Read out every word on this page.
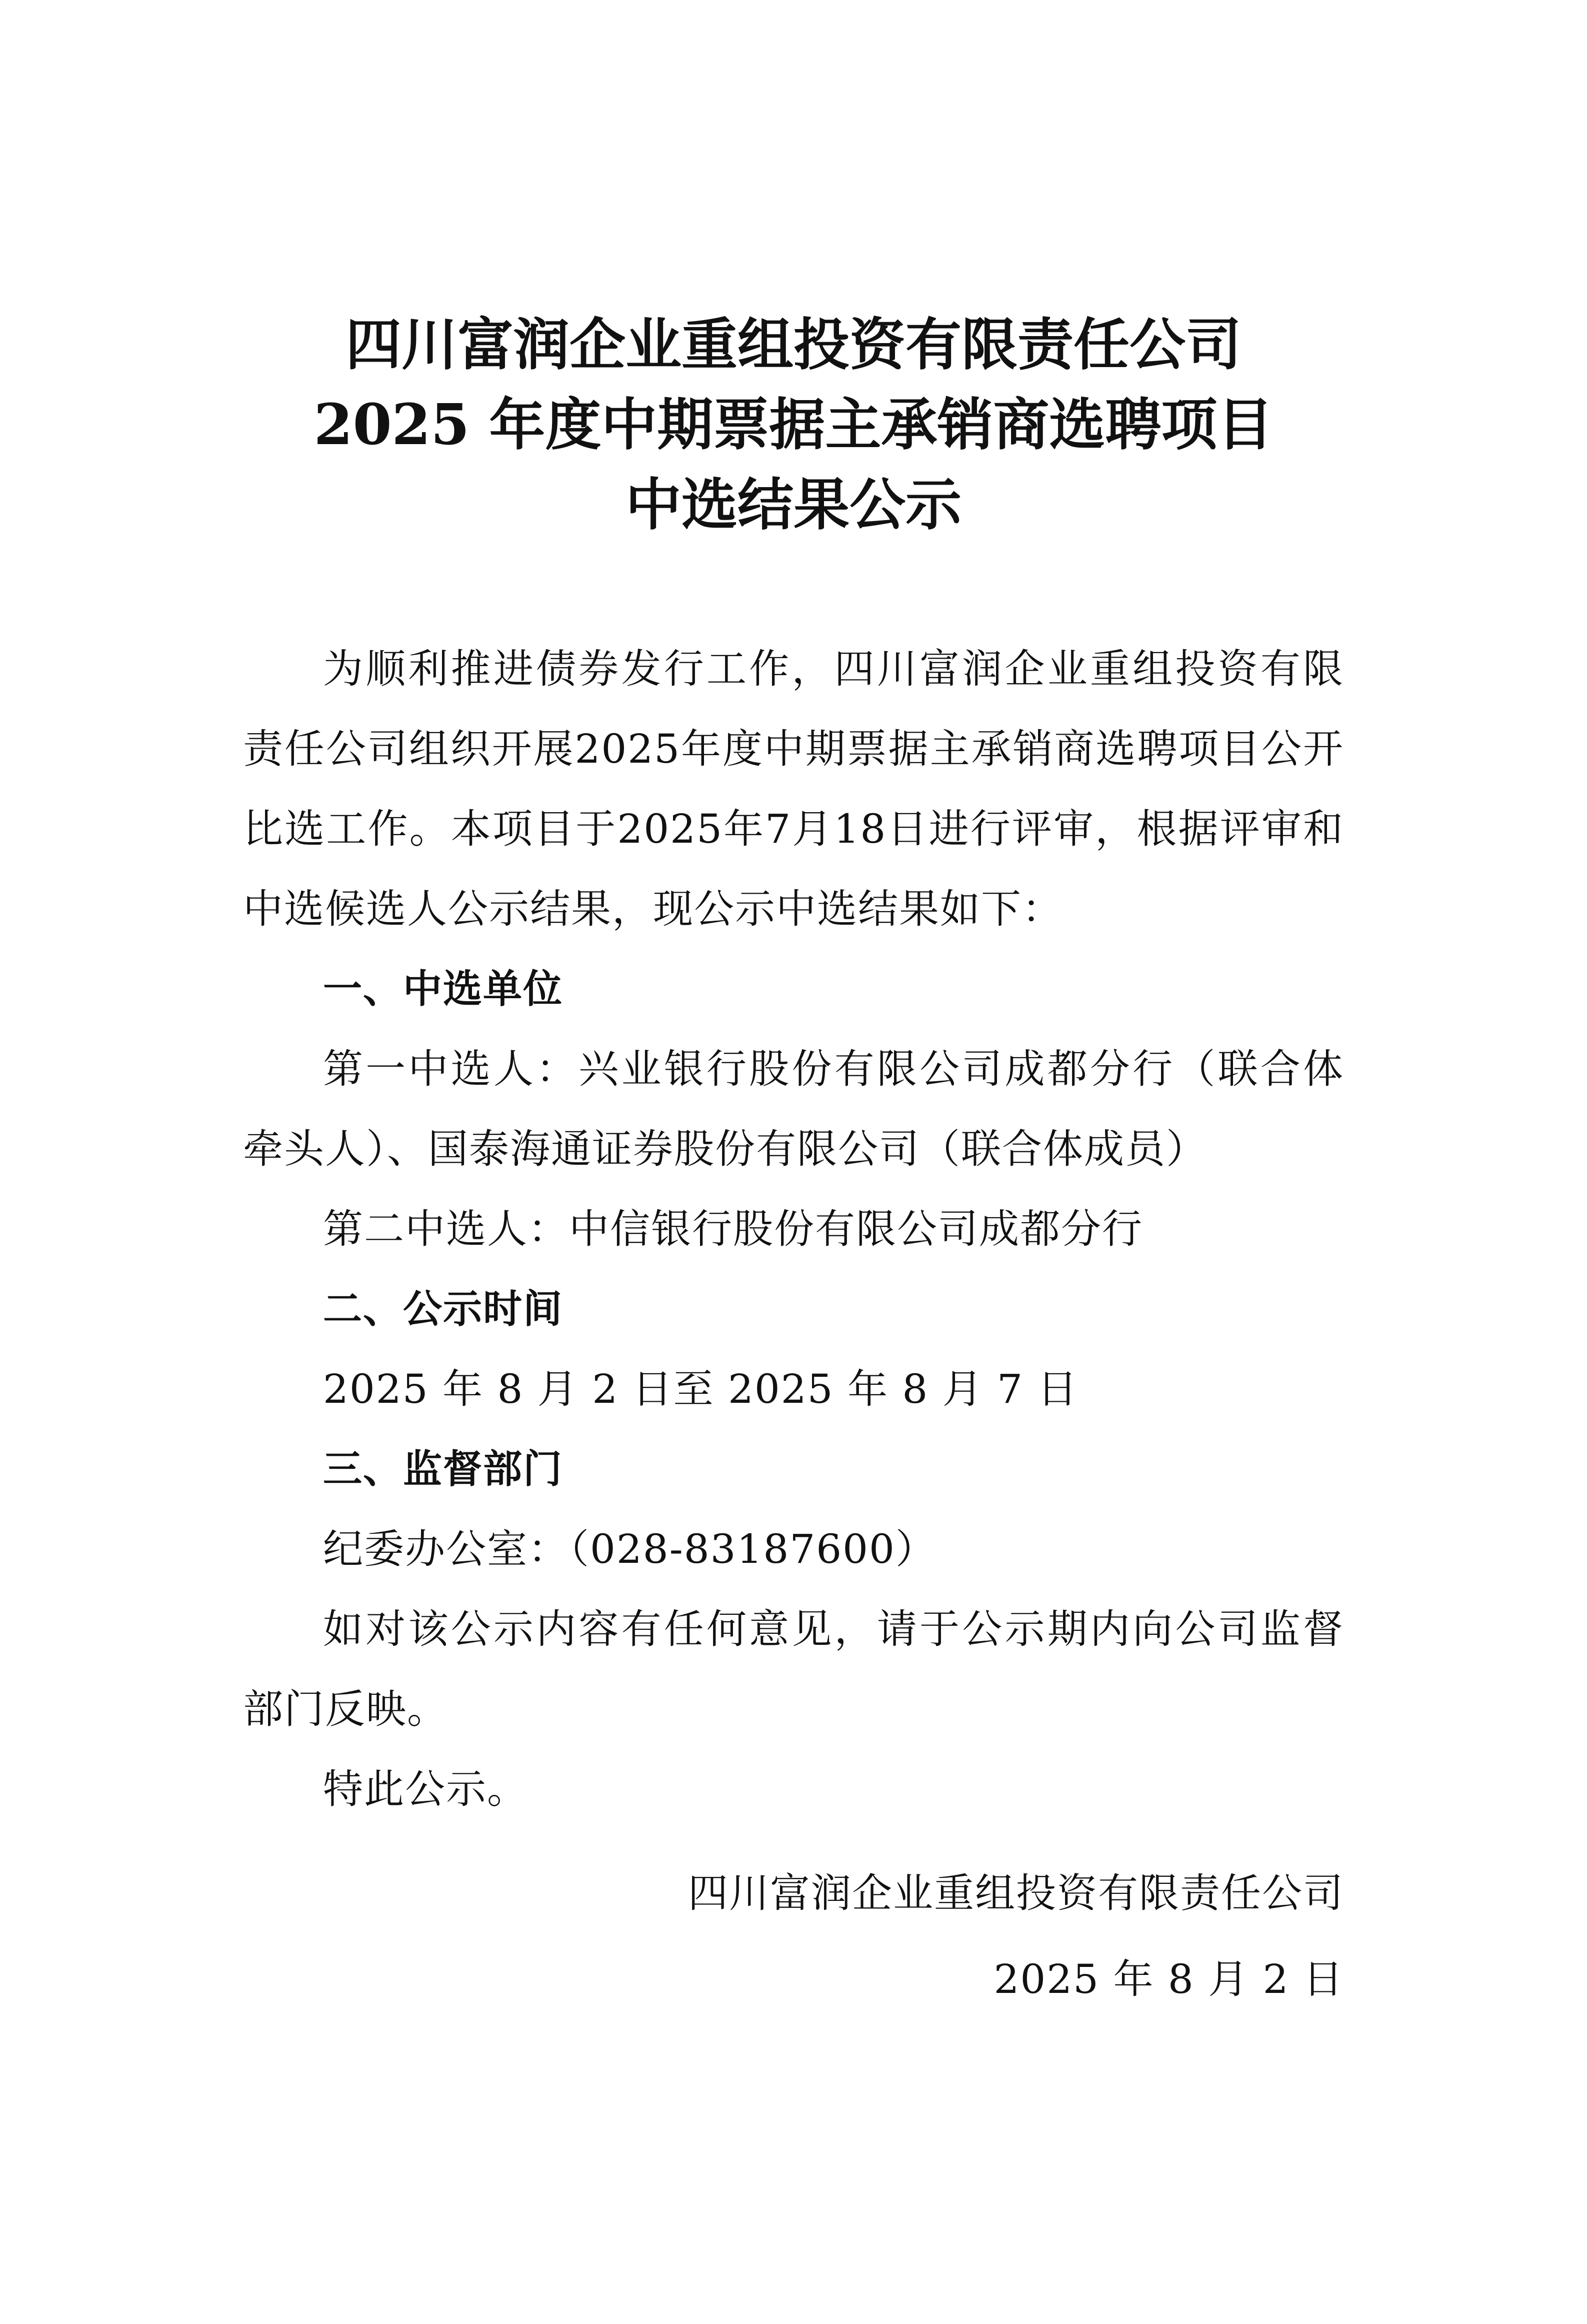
四川富润企业重组投资有限责任公司
2025 年度中期票据主承销商选聘项目
中选结果公示

为顺利推进债券发行工作，四川富润企业重组投资有限责任公司组织开展2025年度中期票据主承销商选聘项目公开比选工作。本项目于2025年7月18日进行评审，根据评审和中选候选人公示结果，现公示中选结果如下：

一、中选单位

第一中选人：兴业银行股份有限公司成都分行（联合体牵头人）、国泰海通证券股份有限公司（联合体成员）

第二中选人：中信银行股份有限公司成都分行

二、公示时间

2025 年 8 月 2 日至 2025 年 8 月 7 日

三、监督部门

纪委办公室：（028-83187600）

如对该公示内容有任何意见，请于公示期内向公司监督部门反映。

特此公示。

四川富润企业重组投资有限责任公司
2025 年 8 月 2 日
